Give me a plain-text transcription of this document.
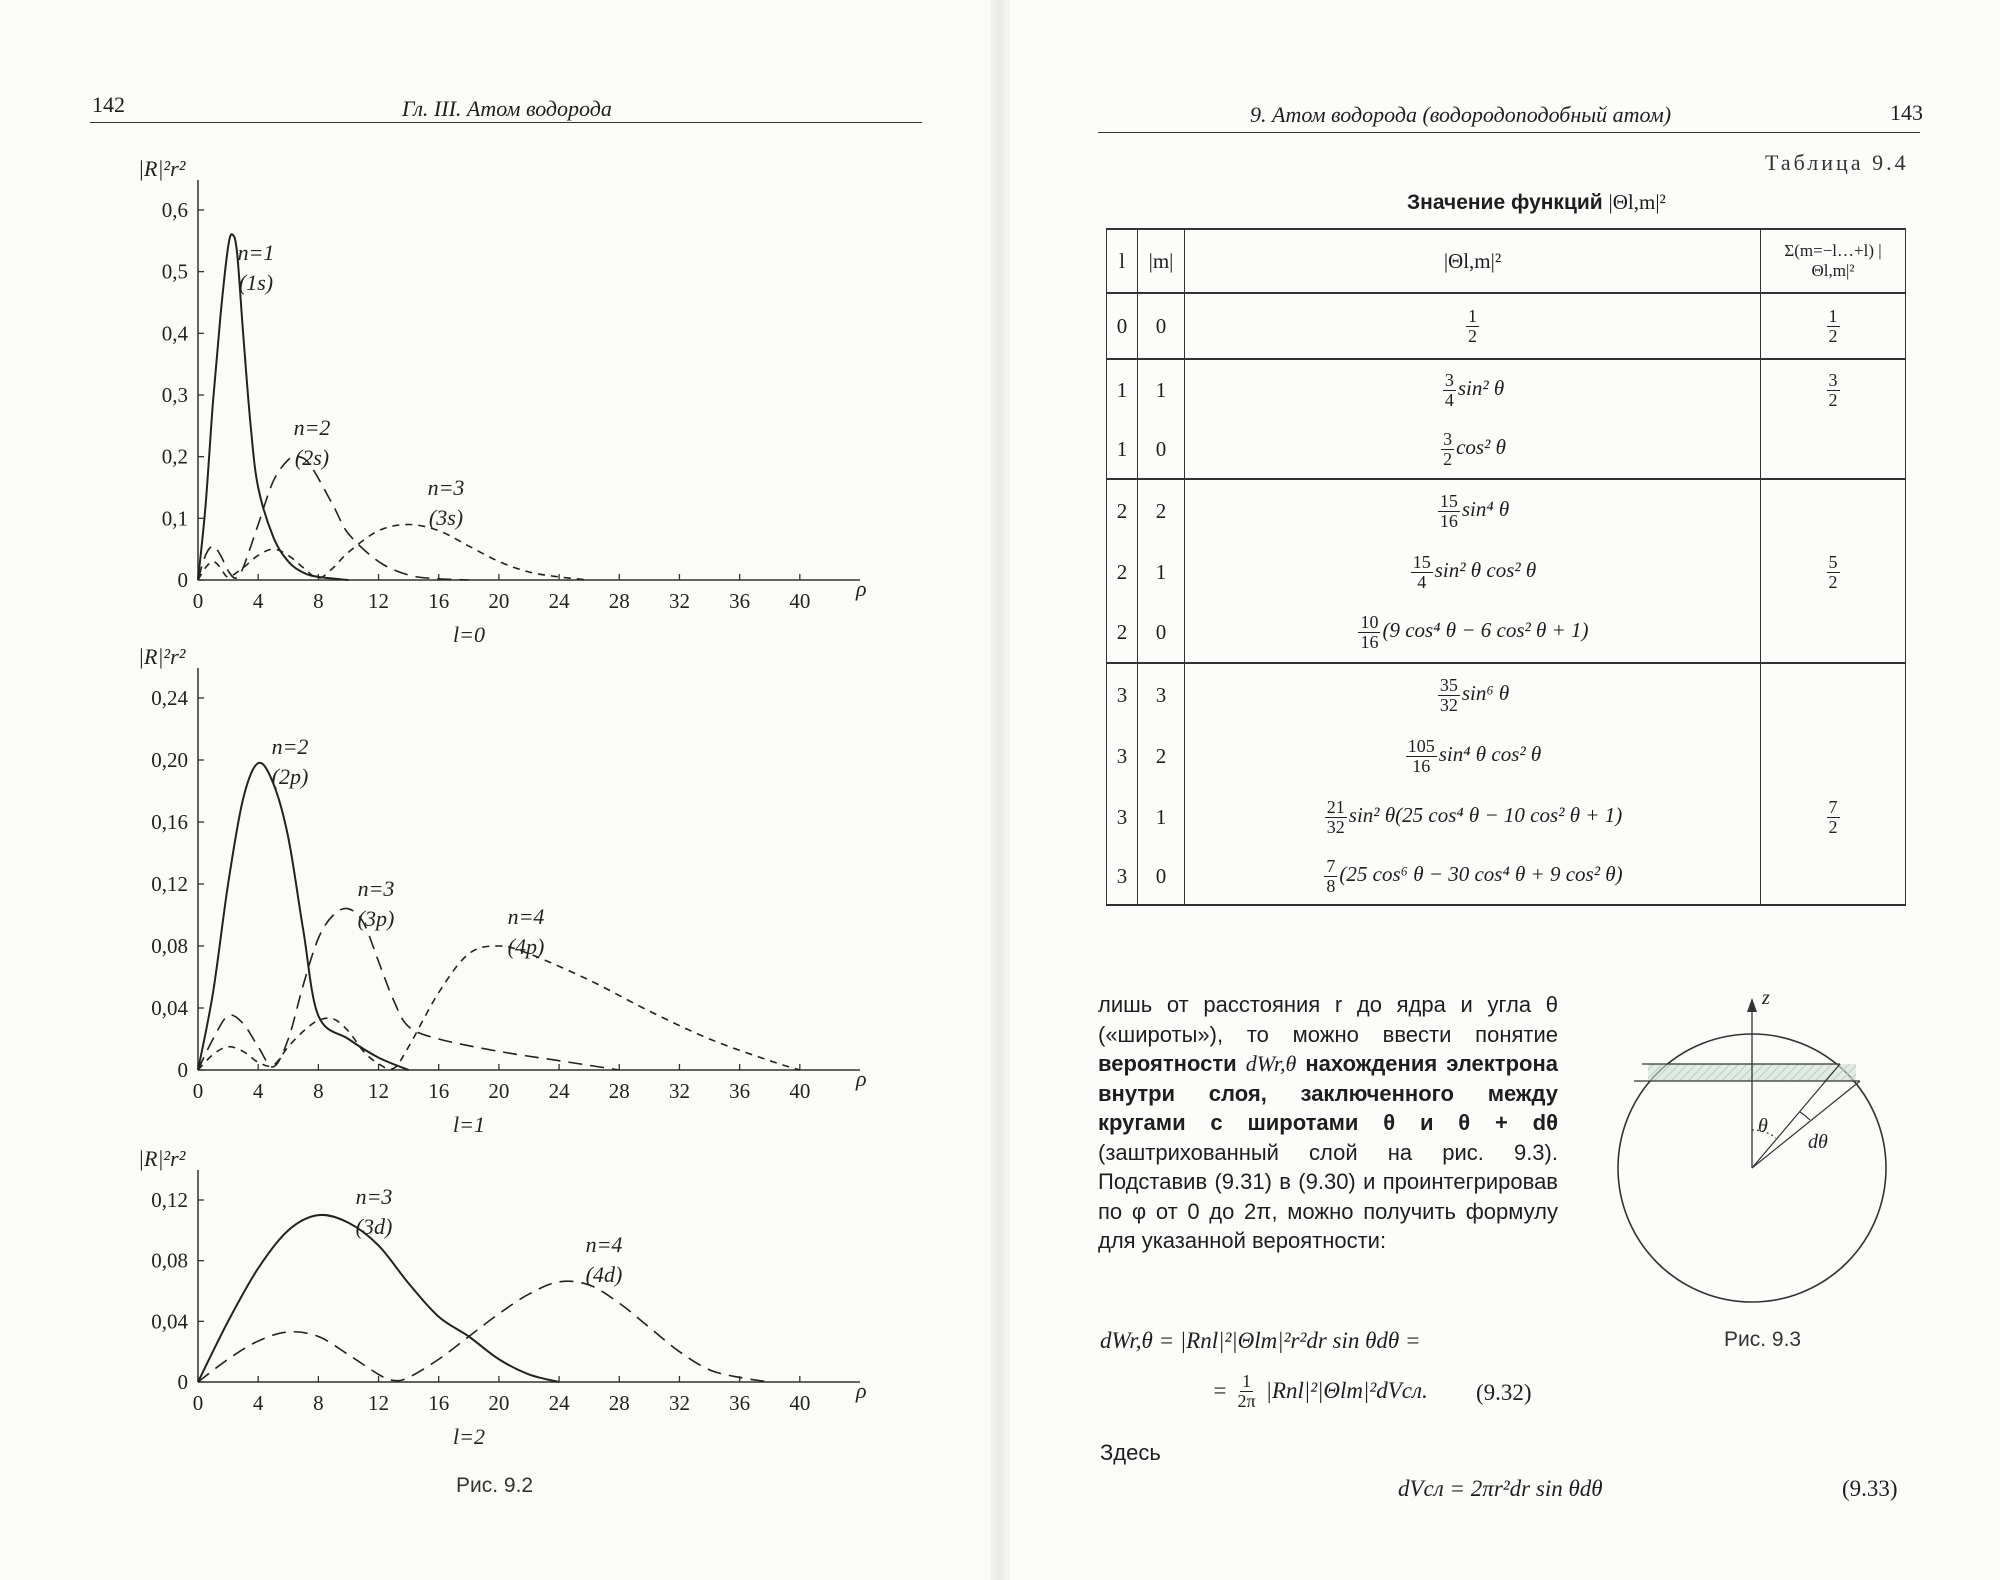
142	Гл. III. Атом водорода
|R|²r²
0
0,1
0,2
0,3
0,4
0,5
0,6
0 4 8 12 16 20 24 28 32 36 40 ρ
l=0
n=1
(1s)
n=2
(2s)
n=3
(3s)
|R|²r²
0
0,04
0,08
0,12
0,16
0,20
0,24
0 4 8 12 16 20 24 28 32 36 40 ρ
l=1
n=2
(2p)
n=3
(3p)	n=4
(4p)
|R|²r²
0
0,04
0,08
0,12
0 4 8 12 16 20 24 28 32 36 40 ρ
l=2
n=3
(3d)
n=4
(4d)
Рис. 9.2
9. Атом водорода (водородоподобный атом)	143
Таблица 9.4
Значение функций |Θl,m|²
l	|m|	|Θl,m|²	Σ(m=−l…+l) |Θl,m|²
0	0	$\frac{1}{2}$	$\frac{1}{2}$

1	1	$\frac{3}{4} \sin^2$ θ	$\frac{3}{2}$

1	0	$\frac{3}{2} \cos^2$ θ	
2	2	$\frac{15}{16} \sin^4$ θ	
2	1	$\frac{15}{4} \sin^2$ θ cos² θ	$\frac{5}{2}$

2	0	$\frac{10}{16} (9$ cos⁴ θ − 6 cos² θ + 1)	
3	3	$\frac{35}{32} \sin^6$ θ	
3	2	$\frac{105}{16} \sin^4$ θ cos² θ	
3	1	$\frac{21}{32} \sin^2$ θ(25 cos⁴ θ − 10 cos² θ + 1)	$\frac{7}{2}$

3	0	$\frac{7}{8} (25$ cos⁶ θ − 30 cos⁴ θ + 9 cos² θ)	
лишь от расстояния r до ядра и угла θ («широты»), то можно ввести понятие вероятности dWr,θ нахождения электрона внутри слоя, заключенного между кругами с широтами θ и θ + dθ (заштрихованный слой на рис. 9.3). Подставив (9.31) в (9.30) и проинтегрировав по φ от 0 до 2π, можно получить формулу для указанной вероятности:
z
θ
dθ
Рис. 9.3
dWr,θ = |Rnl|²|Θlm|²r²dr sin θdθ =
= $\frac{1}{2\pi}$ |Rnl|²|Θlm|²dVсл. (9.32)
Здесь
dVсл = 2πr²dr sin θdθ	(9.33)
